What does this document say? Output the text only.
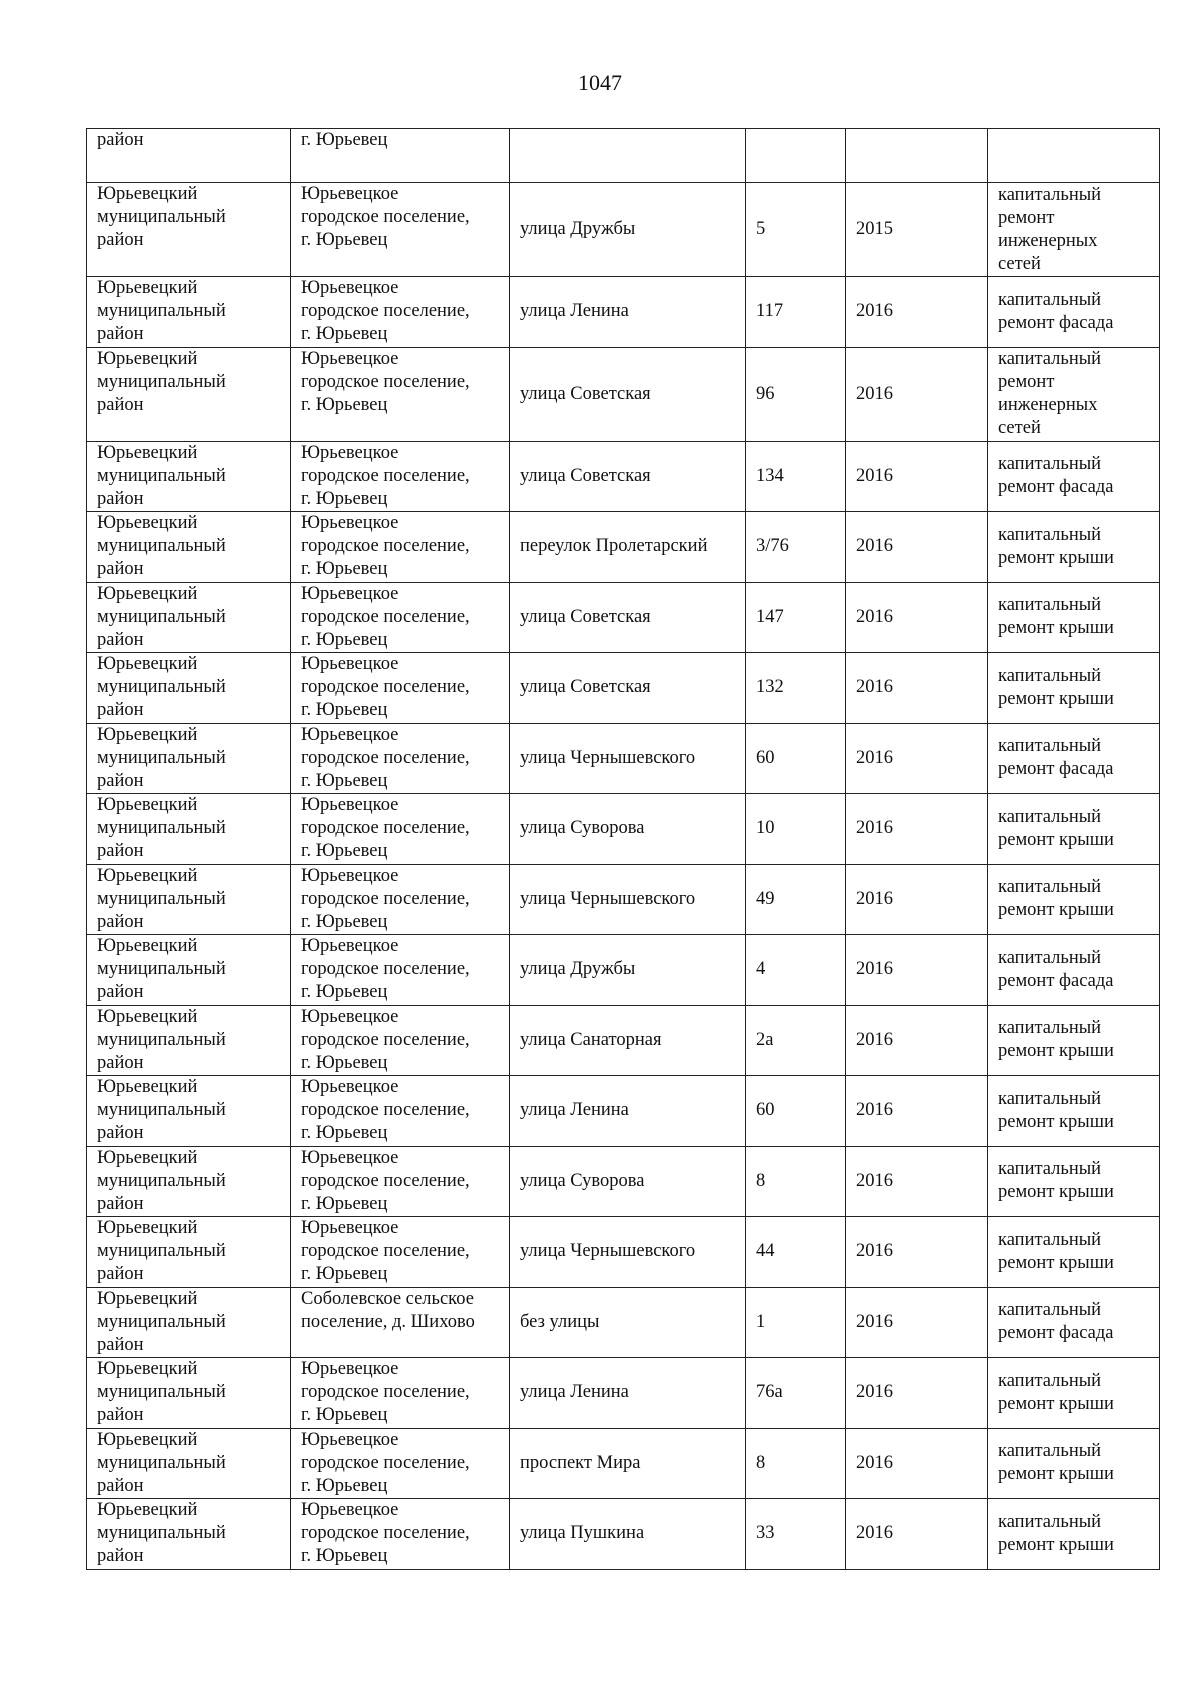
1047
район	г. Юрьевец				
Юрьевецкий
муниципальный
район	Юрьевецкое
городское поселение,
г. Юрьевец	улица Дружбы	5	2015	капитальный
ремонт
инженерных
сетей
Юрьевецкий
муниципальный
район	Юрьевецкое
городское поселение,
г. Юрьевец	улица Ленина	117	2016	капитальный
ремонт фасада
Юрьевецкий
муниципальный
район	Юрьевецкое
городское поселение,
г. Юрьевец	улица Советская	96	2016	капитальный
ремонт
инженерных
сетей
Юрьевецкий
муниципальный
район	Юрьевецкое
городское поселение,
г. Юрьевец	улица Советская	134	2016	капитальный
ремонт фасада
Юрьевецкий
муниципальный
район	Юрьевецкое
городское поселение,
г. Юрьевец	переулок Пролетарский	3/76	2016	капитальный
ремонт крыши
Юрьевецкий
муниципальный
район	Юрьевецкое
городское поселение,
г. Юрьевец	улица Советская	147	2016	капитальный
ремонт крыши
Юрьевецкий
муниципальный
район	Юрьевецкое
городское поселение,
г. Юрьевец	улица Советская	132	2016	капитальный
ремонт крыши
Юрьевецкий
муниципальный
район	Юрьевецкое
городское поселение,
г. Юрьевец	улица Чернышевского	60	2016	капитальный
ремонт фасада
Юрьевецкий
муниципальный
район	Юрьевецкое
городское поселение,
г. Юрьевец	улица Суворова	10	2016	капитальный
ремонт крыши
Юрьевецкий
муниципальный
район	Юрьевецкое
городское поселение,
г. Юрьевец	улица Чернышевского	49	2016	капитальный
ремонт крыши
Юрьевецкий
муниципальный
район	Юрьевецкое
городское поселение,
г. Юрьевец	улица Дружбы	4	2016	капитальный
ремонт фасада
Юрьевецкий
муниципальный
район	Юрьевецкое
городское поселение,
г. Юрьевец	улица Санаторная	2а	2016	капитальный
ремонт крыши
Юрьевецкий
муниципальный
район	Юрьевецкое
городское поселение,
г. Юрьевец	улица Ленина	60	2016	капитальный
ремонт крыши
Юрьевецкий
муниципальный
район	Юрьевецкое
городское поселение,
г. Юрьевец	улица Суворова	8	2016	капитальный
ремонт крыши
Юрьевецкий
муниципальный
район	Юрьевецкое
городское поселение,
г. Юрьевец	улица Чернышевского	44	2016	капитальный
ремонт крыши
Юрьевецкий
муниципальный
район	Соболевское сельское
поселение, д. Шихово	без улицы	1	2016	капитальный
ремонт фасада
Юрьевецкий
муниципальный
район	Юрьевецкое
городское поселение,
г. Юрьевец	улица Ленина	76а	2016	капитальный
ремонт крыши
Юрьевецкий
муниципальный
район	Юрьевецкое
городское поселение,
г. Юрьевец	проспект Мира	8	2016	капитальный
ремонт крыши
Юрьевецкий
муниципальный
район	Юрьевецкое
городское поселение,
г. Юрьевец	улица Пушкина	33	2016	капитальный
ремонт крыши
